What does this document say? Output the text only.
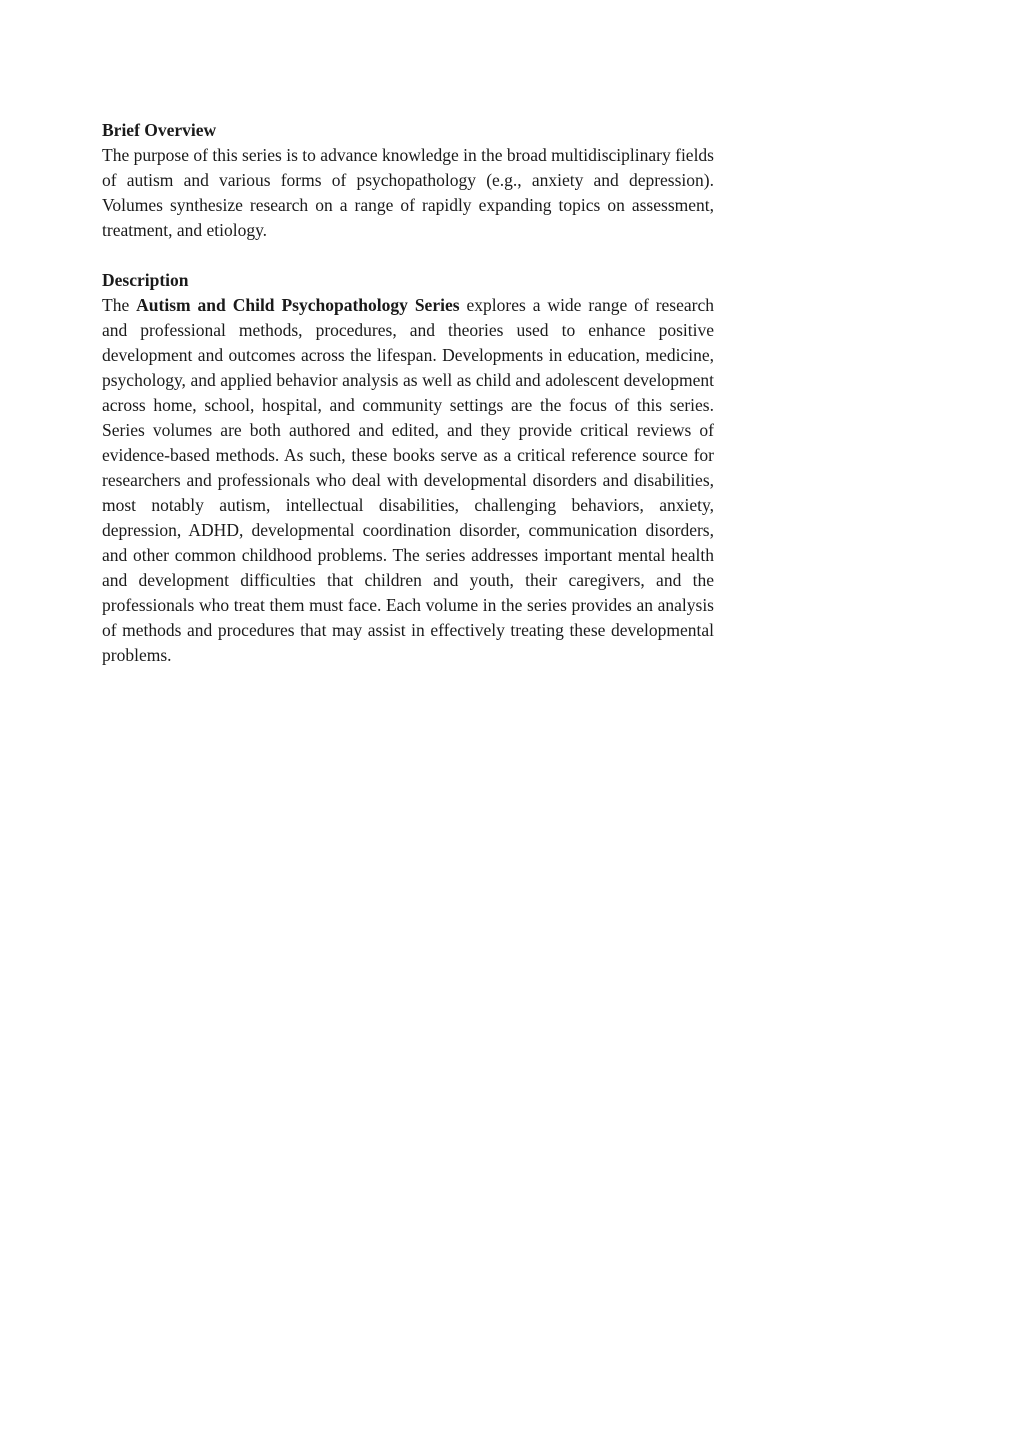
Brief Overview

The purpose of this series is to advance knowledge in the broad multidisciplinary fields of autism and various forms of psychopathology (e.g., anxiety and depression). Volumes synthesize research on a range of rapidly expanding topics on assessment, treatment, and etiology.

Description

The Autism and Child Psychopathology Series explores a wide range of research and professional methods, procedures, and theories used to enhance positive development and outcomes across the lifespan. Developments in education, medicine, psychology, and applied behavior analysis as well as child and adolescent development across home, school, hospital, and community settings are the focus of this series. Series volumes are both authored and edited, and they provide critical reviews of evidence-based methods. As such, these books serve as a critical reference source for researchers and professionals who deal with developmental disorders and disabilities, most notably autism, intellectual disabilities, challenging behaviors, anxiety, depression, ADHD, developmental coordination disorder, communication disorders, and other common childhood problems. The series addresses important mental health and development difficulties that children and youth, their caregivers, and the professionals who treat them must face. Each volume in the series provides an analysis of methods and procedures that may assist in effectively treating these developmental problems.
